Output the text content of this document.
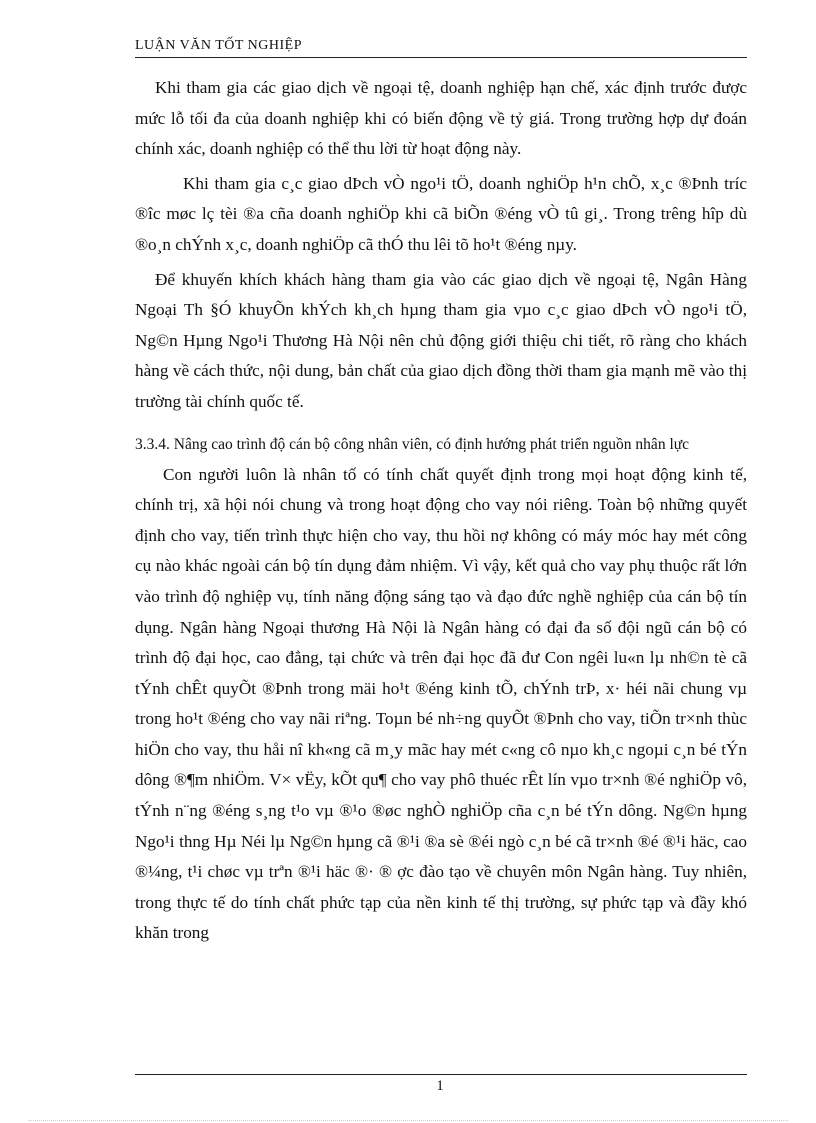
LUẬN VĂN TỐT NGHIỆP

Khi tham gia các giao dịch về ngoại tệ, doanh nghiệp hạn chế, xác định trước được mức lỗ tối đa của doanh nghiệp khi có biến động về tỷ giá. Trong trường hợp dự đoán chính xác, doanh nghiệp có thể thu lời từ hoạt động này.

Khi tham gia c¸c giao dÞch vÒ ngo¹i tÖ, doanh nghiÖp h¹n chÕ, x¸c ®Þnh tríc ®îc møc lç tèi ®a cña doanh nghiÖp khi cã biÕn ®éng vÒ tû gi¸. Trong trêng hîp dù ®o¸n chÝnh x¸c, doanh nghiÖp cã thÓ thu lêi tõ ho¹t ®éng nµy.

Để khuyến khích khách hàng tham gia vào các giao dịch về ngoại tệ, Ngân Hàng Ngoại Th §Ó khuyÕn khÝch kh¸ch hµng tham gia vµo c¸c giao dÞch vÒ ngo¹i tÖ, Ng©n Hµng Ngo¹i Thương Hà Nội nên chủ động giới thiệu chi tiết, rõ ràng cho khách hàng về cách thức, nội dung, bản chất của giao dịch đồng thời tham gia mạnh mẽ vào thị trường tài chính quốc tế.

3.3.4. Nâng cao trình độ cán bộ công nhân viên, có định hướng phát triển nguồn nhân lực

Con người luôn là nhân tố có tính chất quyết định trong mọi hoạt động kinh tế, chính trị, xã hội nói chung và trong hoạt động cho vay nói riêng. Toàn bộ những quyết định cho vay, tiến trình thực hiện cho vay, thu hồi nợ không có máy móc hay mét công cụ nào khác ngoài cán bộ tín dụng đảm nhiệm. Vì vậy, kết quả cho vay phụ thuộc rất lớn vào trình độ nghiệp vụ, tính năng động sáng tạo và đạo đức nghề nghiệp của cán bộ tín dụng. Ngân hàng Ngoại thương Hà Nội là Ngân hàng có đại đa số đội ngũ cán bộ có trình độ đại học, cao đẳng, tại chức và trên đại học đã đư Con ngêi lu«n lµ nh©n tè cã tÝnh chÊt quyÕt ®Þnh trong mäi ho¹t ®éng kinh tÕ, chÝnh trÞ, x· héi nãi chung vµ trong ho¹t ®éng cho vay nãi riªng. Toµn bé nh÷ng quyÕt ®Þnh cho vay, tiÕn tr×nh thùc hiÖn cho vay, thu håi nî kh«ng cã m¸y mãc hay mét c«ng cô nµo kh¸c ngoµi c¸n bé tÝn dông ®¶m nhiÖm. V× vËy, kÕt qu¶ cho vay phô thuéc rÊt lín vµo tr×nh ®é nghiÖp vô, tÝnh n¨ng ®éng s¸ng t¹o vµ ®¹o ®øc nghÒ nghiÖp cña c¸n bé tÝn dông. Ng©n hµng Ngo¹i thng Hµ Néi lµ Ng©n hµng cã ®¹i ®a sè ®éi ngò c¸n bé cã tr×nh ®é ®¹i häc, cao ®¼ng, t¹i chøc vµ trªn ®¹i häc ®· ® ợc đào tạo về chuyên môn Ngân hàng. Tuy nhiên, trong thực tế do tính chất phức tạp của nền kinh tế thị trường, sự phức tạp và đầy khó khăn trong

1
